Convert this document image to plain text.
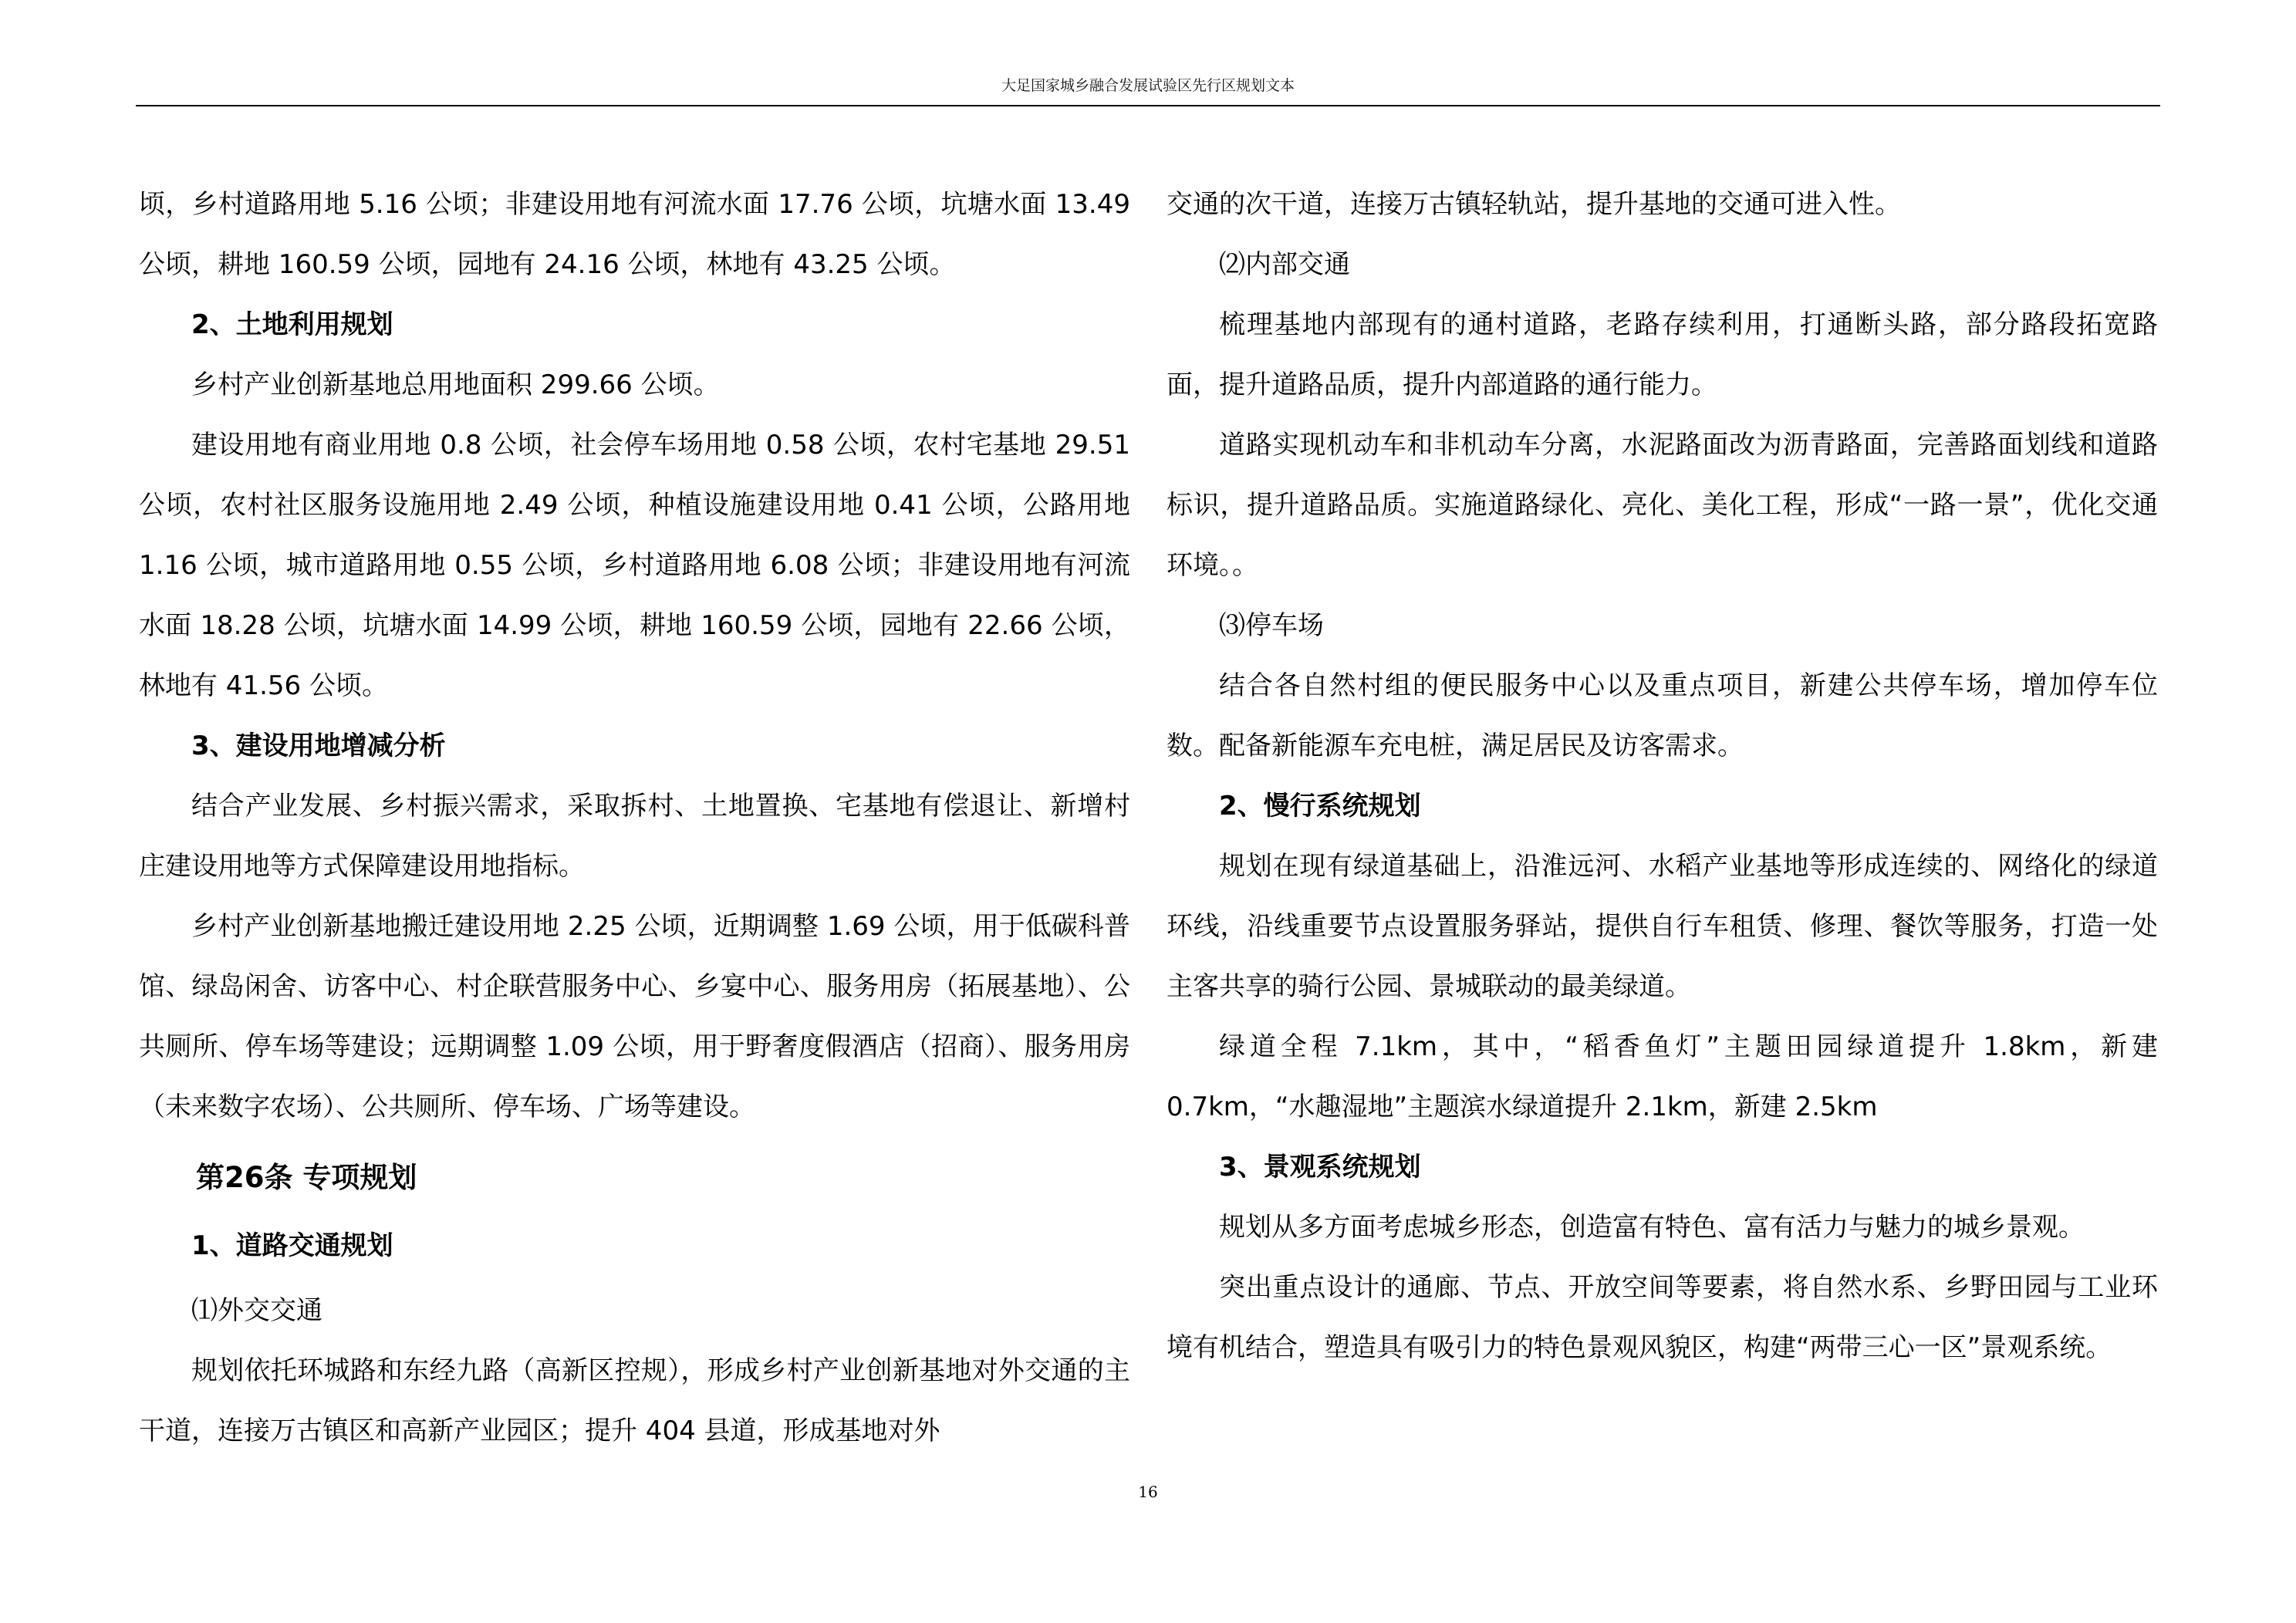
大足国家城乡融合发展试验区先行区规划文本
顷，乡村道路用地 5.16 公顷；非建设用地有河流水面 17.76 公顷，坑塘水面 13.49 公顷，耕地 160.59 公顷，园地有 24.16 公顷，林地有 43.25 公顷。
2、土地利用规划
乡村产业创新基地总用地面积 299.66 公顷。
建设用地有商业用地 0.8 公顷，社会停车场用地 0.58 公顷，农村宅基地 29.51 公顷，农村社区服务设施用地 2.49 公顷，种植设施建设用地 0.41 公顷，公路用地 1.16 公顷，城市道路用地 0.55 公顷，乡村道路用地 6.08 公顷；非建设用地有河流水面 18.28 公顷，坑塘水面 14.99 公顷，耕地 160.59 公顷，园地有 22.66 公顷，林地有 41.56 公顷。
3、建设用地增减分析
结合产业发展、乡村振兴需求，采取拆村、土地置换、宅基地有偿退让、新增村庄建设用地等方式保障建设用地指标。
乡村产业创新基地搬迁建设用地 2.25 公顷，近期调整 1.69 公顷，用于低碳科普馆、绿岛闲舍、访客中心、村企联营服务中心、乡宴中心、服务用房（拓展基地）、公共厕所、停车场等建设；远期调整 1.09 公顷，用于野奢度假酒店（招商）、服务用房（未来数字农场）、公共厕所、停车场、广场等建设。
第26条 专项规划
1、道路交通规划
⑴外交交通
规划依托环城路和东经九路（高新区控规），形成乡村产业创新基地对外交通的主干道，连接万古镇区和高新产业园区；提升 404 县道，形成基地对外
交通的次干道，连接万古镇轻轨站，提升基地的交通可进入性。
⑵内部交通
梳理基地内部现有的通村道路，老路存续利用，打通断头路，部分路段拓宽路面，提升道路品质，提升内部道路的通行能力。
道路实现机动车和非机动车分离，水泥路面改为沥青路面，完善路面划线和道路标识，提升道路品质。实施道路绿化、亮化、美化工程，形成“一路一景”，优化交通环境。。
⑶停车场
结合各自然村组的便民服务中心以及重点项目，新建公共停车场，增加停车位数。配备新能源车充电桩，满足居民及访客需求。
2、慢行系统规划
规划在现有绿道基础上，沿淮远河、水稻产业基地等形成连续的、网络化的绿道环线，沿线重要节点设置服务驿站，提供自行车租赁、修理、餐饮等服务，打造一处主客共享的骑行公园、景城联动的最美绿道。
绿道全程 7.1km，其中，“稻香鱼灯”主题田园绿道提升 1.8km，新建 0.7km，“水趣湿地”主题滨水绿道提升 2.1km，新建 2.5km
3、景观系统规划
规划从多方面考虑城乡形态，创造富有特色、富有活力与魅力的城乡景观。
突出重点设计的通廊、节点、开放空间等要素，将自然水系、乡野田园与工业环境有机结合，塑造具有吸引力的特色景观风貌区，构建“两带三心一区”景观系统。
16
